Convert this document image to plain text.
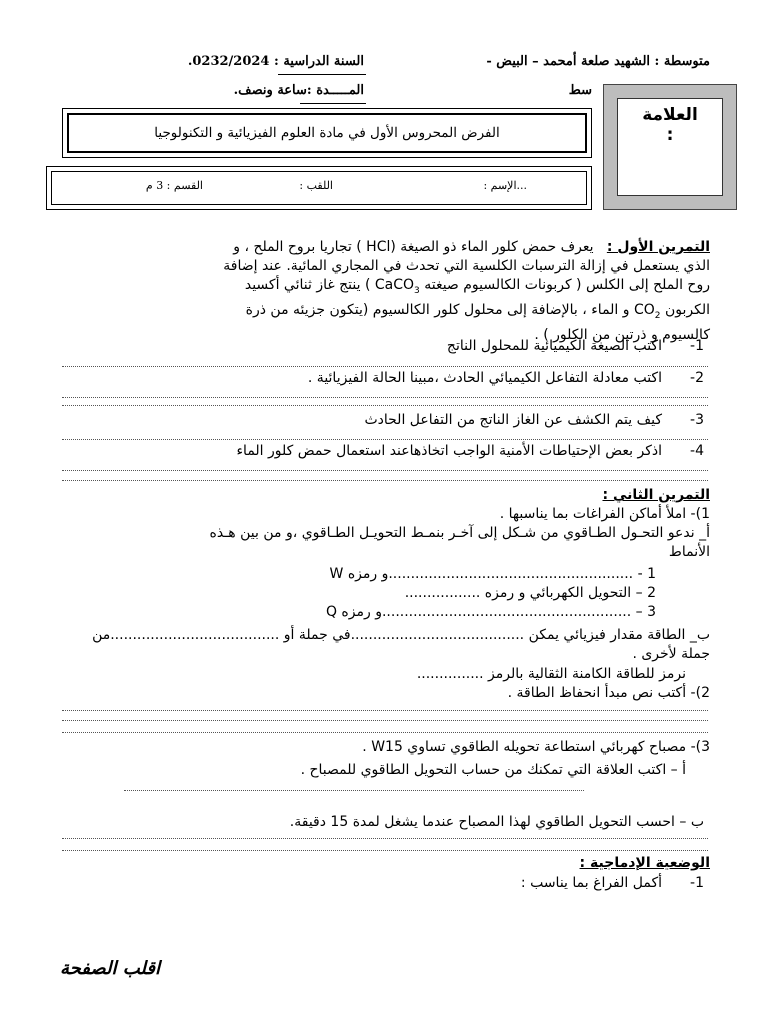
متوسطة : الشهيد صلعة أمحمد – البيض -
السنة الدراسية : 0232/2024.
سط
المـــــدة :ساعة ونصف.
الفرض المحروس الأول في مادة العلوم الفيزيائية و التكنولوجيا
العلامة
:
...الإسم :
اللقب :
القسم : 3 م
التمرين الأول :   يعرف حمض كلور الماء ذو الصيغة (HCl ) تجاريا بروح الملح ، و
الذي يستعمل في إزالة الترسبات الكلسية التي تحدث في المجاري المائية. عند إضافة
روح الملح إلى الكلس ( كربونات الكالسيوم صيغته CaCO$_3$ ) ينتج غاز ثنائي أكسيد
الكربون $CO_2$ و الماء ، بالإضافة إلى محلول كلور الكالسيوم (يتكون جزيئه من ذرة
كالسيوم و ذرتين من الكلور ) .
-1
اكتب الصيغة الكيميائية للمحلول الناتج
-2
اكتب معادلة التفاعل الكيميائي الحادث ،مبينا الحالة الفيزيائية .
-3
كيف يتم الكشف عن الغاز الناتج من التفاعل الحادث
-4
اذكر بعض الإحتياطات الأمنية الواجب اتخاذهاعند استعمال حمض كلور الماء
التمرين الثاني :
1)- املأ أماكن الفراغات بما يناسبها .
أ_ ندعو التحـول الطـاقوي من شـكل إلى آخـر بنمـط التحويـل الطـاقوي ،و من بين هـذه
الأنماط
1 - .......................................................و رمزه W
2 – التحويل الكهربائي و رمزه .................
3 – ........................................................و رمزه Q
ب_ الطاقة مقدار فيزيائي يمكن .......................................في جملة أو ......................................من
جملة لأخرى .
نرمز للطاقة الكامنة الثقالية بالرمز ...............
2)- أكتب نص مبدأ انحفاظ الطاقة .
3)- مصباح كهربائي استطاعة تحويله الطاقوي تساوي W15 .
أ – اكتب العلاقة التي تمكنك من حساب التحويل الطاقوي للمصباح .
ب – احسب التحويل الطاقوي لهذا المصباح عندما يشغل لمدة 15 دقيقة.
الوضعية الإدماجية :
-1
أكمل الفراغ بما يناسب :
اقلب الصفحة
